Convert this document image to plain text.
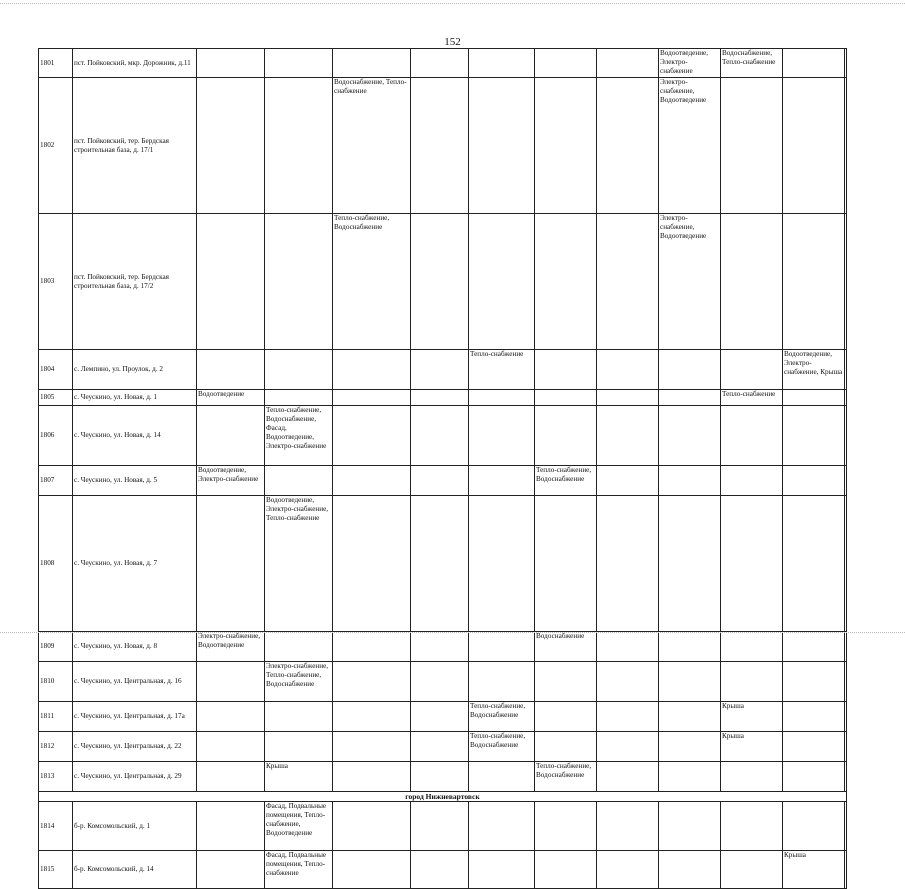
152
1801	пст. Пойковский, мкр. Дорожник, д.11								Водоотведение, Электро-снабжение	Водоснабжение, Тепло-снабжение			
1802	пст. Пойковский, тер. Бердская строительная база, д. 17/1			Водоснабжение, Тепло-снабжение					Электро-снабжение, Водоотведение				
1803	пст. Пойковский, тер. Бердская строительная база, д. 17/2			Тепло-снабжение, Водоснабжение					Электро-снабжение, Водоотведение				
1804	с. Лемпино, ул. Проулок, д. 2					Тепло-снабжение					Водоотведение, Электро-снабжение, Крыша		
1805	с. Чеускино, ул. Новая, д. 1	Водоотведение								Тепло-снабжение			
1806	с. Чеускино, ул. Новая, д. 14		Тепло-снабжение, Водоснабжение, Фасад, Водоотведение, Электро-снабжение										
1807	с. Чеускино, ул. Новая, д. 5	Водоотведение, Электро-снабжение					Тепло-снабжение, Водоснабжение						
1808	с. Чеускино, ул. Новая, д. 7		Водоотведение, Электро-снабжение, Тепло-снабжение										
1809	с. Чеускино, ул. Новая, д. 8	Электро-снабжение, Водоотведение					Водоснабжение						
1810	с. Чеускино, ул. Центральная, д. 16		Электро-снабжение, Тепло-снабжение, Водоснабжение										
1811	с. Чеускино, ул. Центральная, д. 17а					Тепло-снабжение, Водоснабжение				Крыша			
1812	с. Чеускино, ул. Центральная, д. 22					Тепло-снабжение, Водоснабжение				Крыша			
1813	с. Чеускино, ул. Центральная, д. 29		Крыша				Тепло-снабжение, Водоснабжение						
город Нижневартовск													
1814	б-р. Комсомольский, д. 1		Фасад, Подвальные помещения, Тепло-снабжение, Водоотведение										
1815	б-р. Комсомольский, д. 14		Фасад, Подвальные помещения, Тепло-снабжение								Крыша		
